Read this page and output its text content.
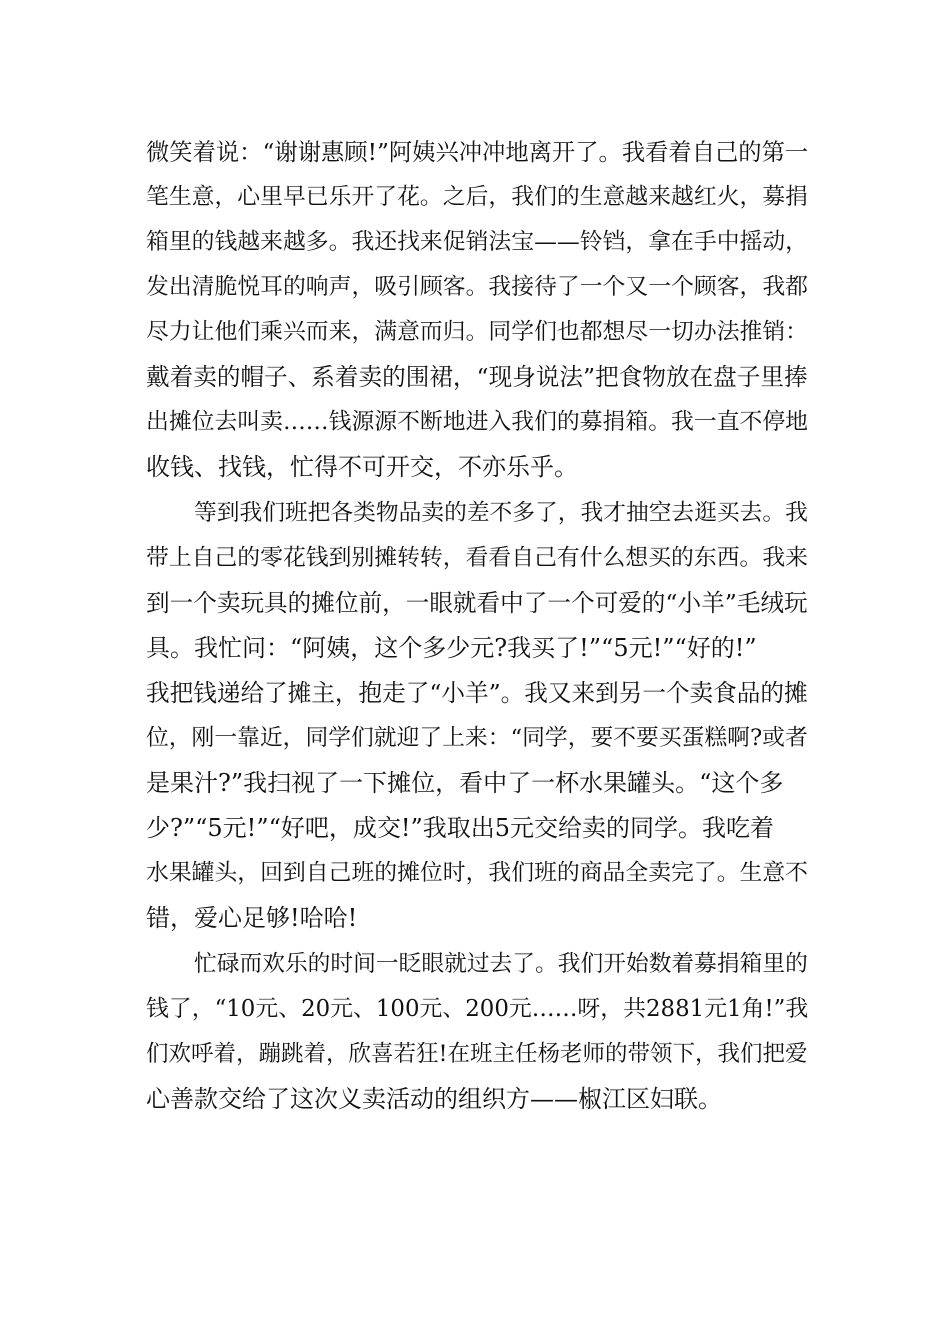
微笑着说：“谢谢惠顾!”阿姨兴冲冲地离开了。我看着自己的第一

笔生意，心里早已乐开了花。之后，我们的生意越来越红火，募捐

箱里的钱越来越多。我还找来促销法宝——铃铛，拿在手中摇动，

发出清脆悦耳的响声，吸引顾客。我接待了一个又一个顾客，我都

尽力让他们乘兴而来，满意而归。同学们也都想尽一切办法推销：

戴着卖的帽子、系着卖的围裙，“现身说法”把食物放在盘子里捧

出摊位去叫卖……钱源源不断地进入我们的募捐箱。我一直不停地

收钱、找钱，忙得不可开交，不亦乐乎。

等到我们班把各类物品卖的差不多了，我才抽空去逛买去。我

带上自己的零花钱到别摊转转，看看自己有什么想买的东西。我来

到一个卖玩具的摊位前，一眼就看中了一个可爱的“小羊”毛绒玩

具。我忙问：“阿姨，这个多少元?我买了!”“5元!”“好的!”

我把钱递给了摊主，抱走了“小羊”。我又来到另一个卖食品的摊

位，刚一靠近，同学们就迎了上来：“同学，要不要买蛋糕啊?或者

是果汁?”我扫视了一下摊位，看中了一杯水果罐头。“这个多

少?”“5元!”“好吧，成交!”我取出5元交给卖的同学。我吃着

水果罐头，回到自己班的摊位时，我们班的商品全卖完了。生意不

错，爱心足够!哈哈!

忙碌而欢乐的时间一眨眼就过去了。我们开始数着募捐箱里的

钱了，“10元、20元、100元、200元……呀，共2881元1角!”我

们欢呼着，蹦跳着，欣喜若狂!在班主任杨老师的带领下，我们把爱

心善款交给了这次义卖活动的组织方——椒江区妇联。
